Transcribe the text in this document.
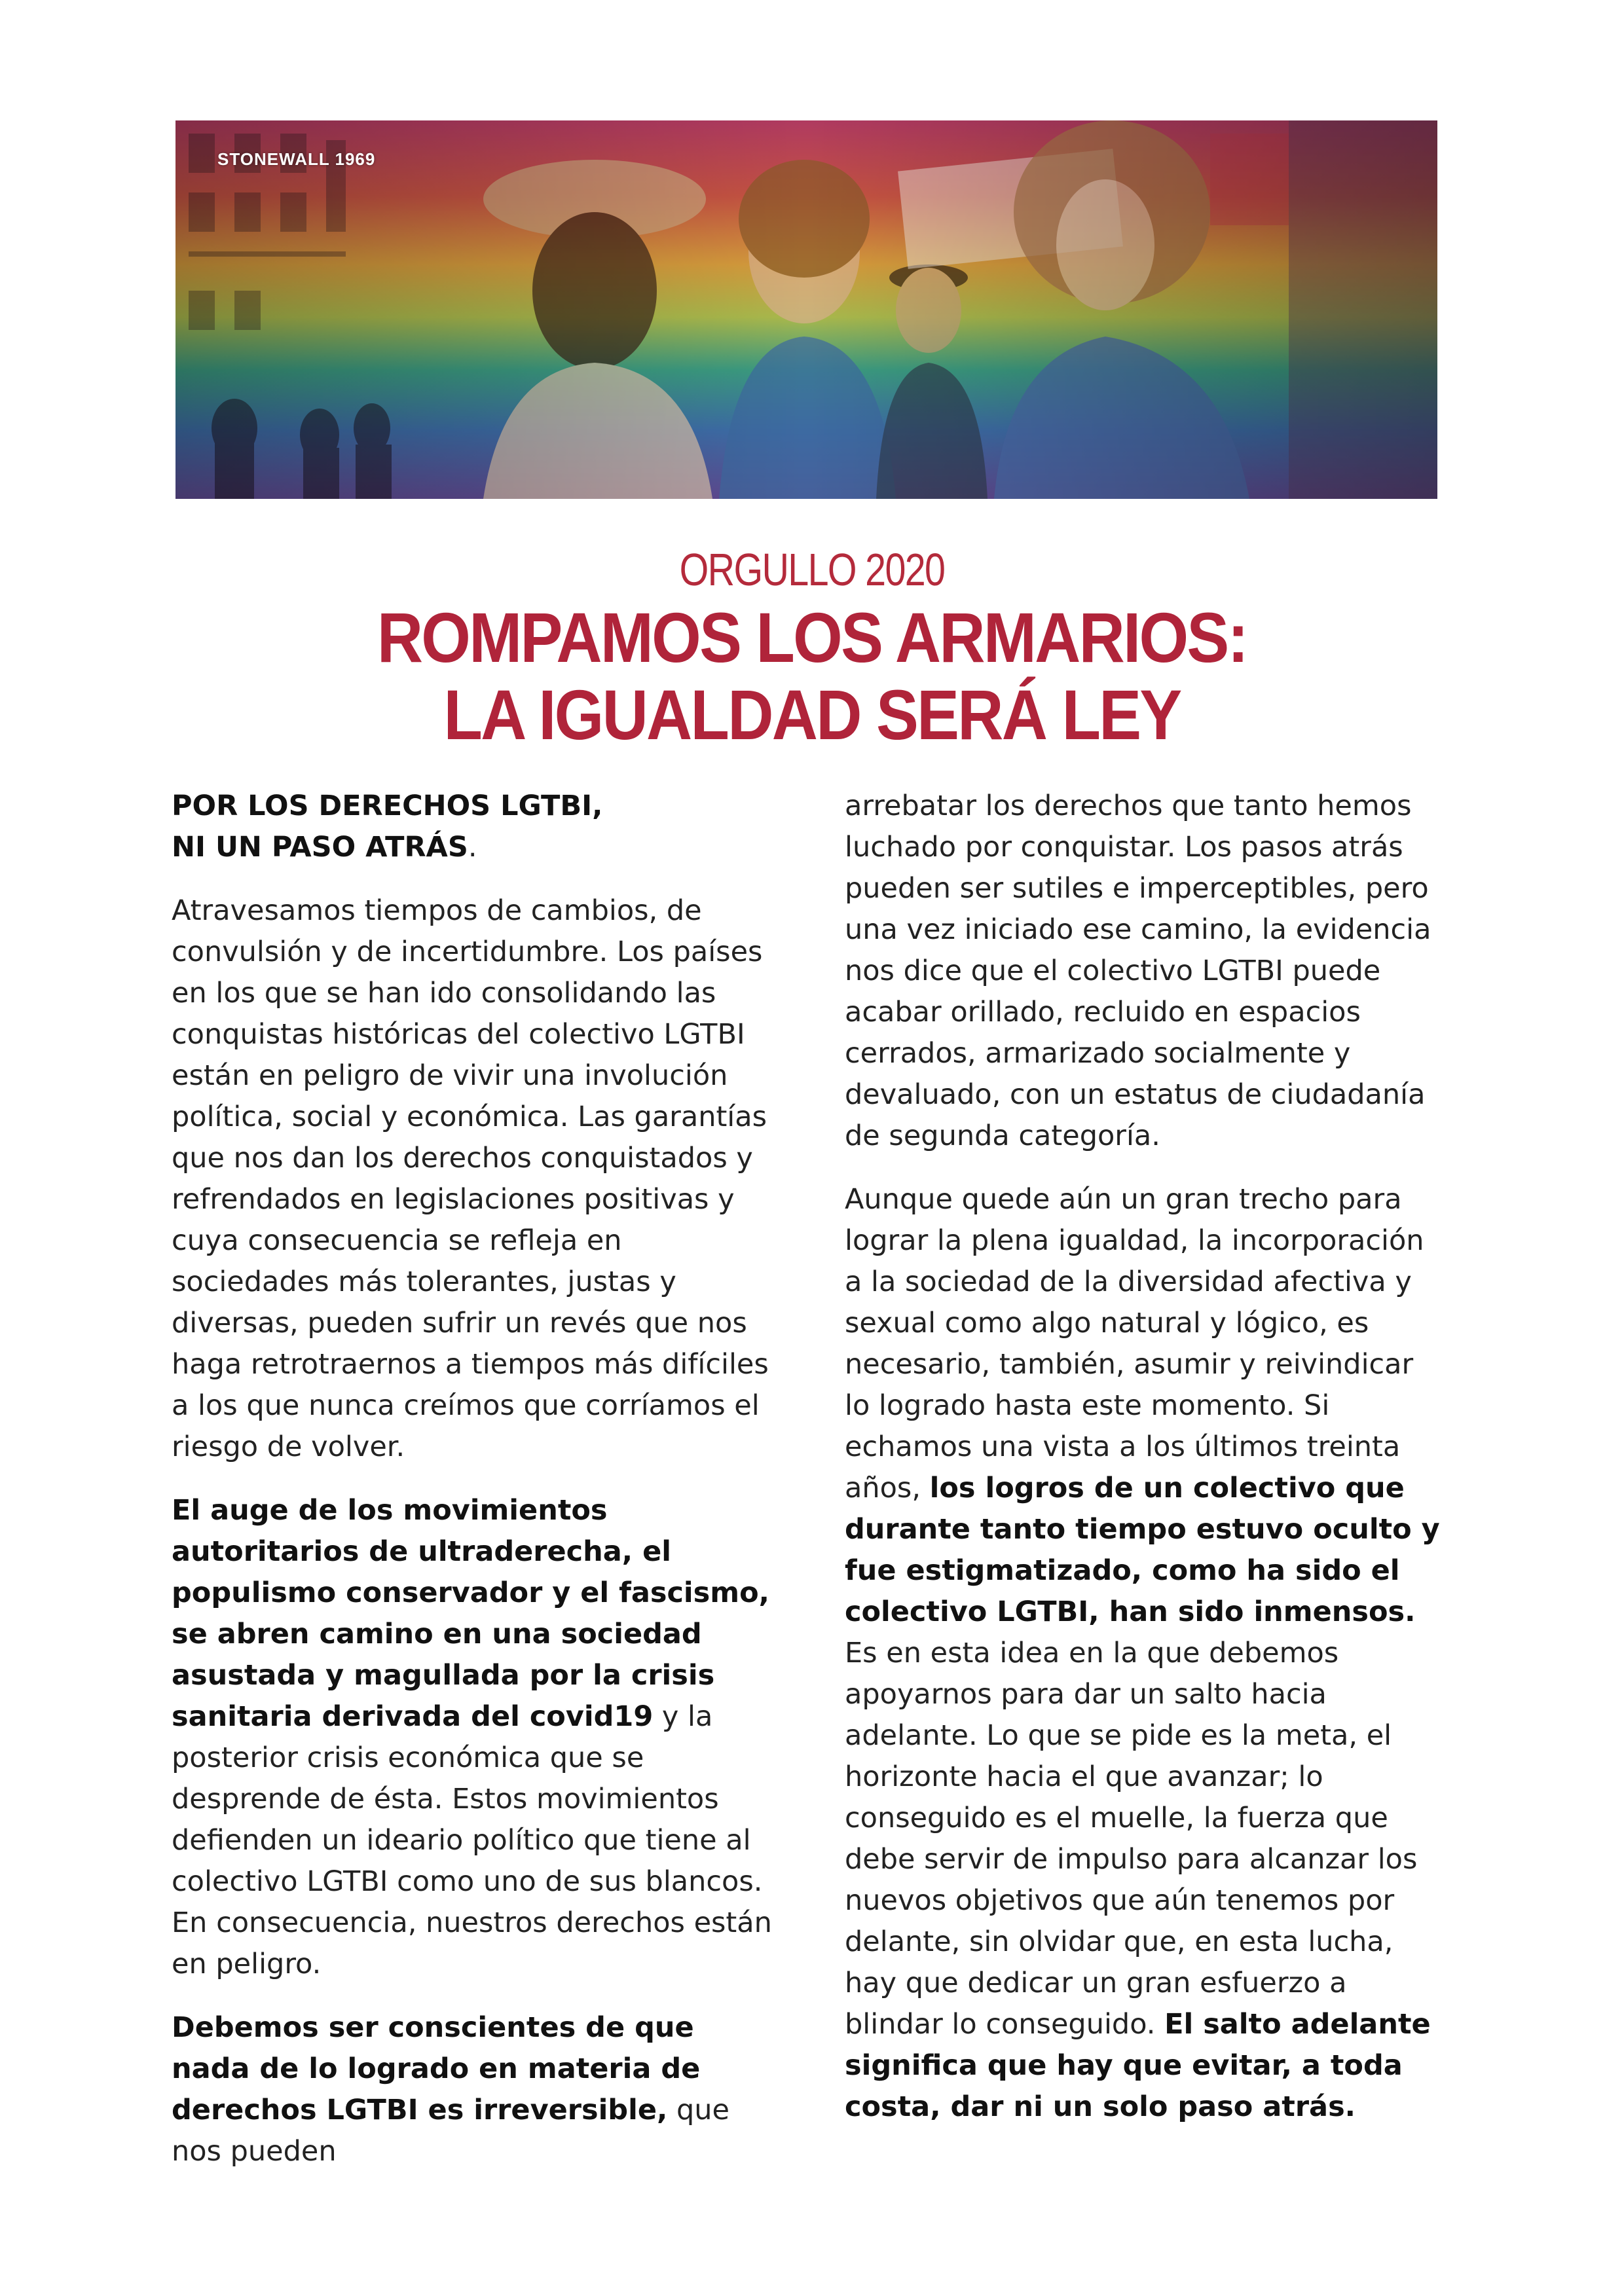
STONEWALL 1969
ORGULLO 2020
ROMPAMOS LOS ARMARIOS:
LA IGUALDAD SERÁ LEY

POR LOS DERECHOS LGTBI,
NI UN PASO ATRÁS.

Atravesamos tiempos de cambios, de convulsión y de incertidumbre. Los países en los que se han ido consolidando las conquistas históricas del colectivo LGTBI están en peligro de vivir una involución política, social y económica. Las garantías que nos dan los derechos conquistados y refrendados en legislaciones positivas y cuya consecuencia se refleja en sociedades más tolerantes, justas y diversas, pueden sufrir un revés que nos haga retrotraernos a tiempos más difíciles a los que nunca creímos que corríamos el riesgo de volver.

El auge de los movimientos autoritarios de ultraderecha, el populismo conservador y el fascismo, se abren camino en una sociedad asustada y magullada por la crisis sanitaria derivada del covid19 y la posterior crisis económica que se desprende de ésta. Estos movimientos defienden un ideario político que tiene al colectivo LGTBI como uno de sus blancos. En consecuencia, nuestros derechos están en peligro.

Debemos ser conscientes de que nada de lo logrado en materia de derechos LGTBI es irreversible, que nos pueden

arrebatar los derechos que tanto hemos luchado por conquistar. Los pasos atrás pueden ser sutiles e imperceptibles, pero una vez iniciado ese camino, la evidencia nos dice que el colectivo LGTBI puede acabar orillado, recluido en espacios cerrados, armarizado socialmente y devaluado, con un estatus de ciudadanía de segunda categoría.

Aunque quede aún un gran trecho para lograr la plena igualdad, la incorporación a la sociedad de la diversidad afectiva y sexual como algo natural y lógico, es necesario, también, asumir y reivindicar lo logrado hasta este momento. Si echamos una vista a los últimos treinta años, los logros de un colectivo que durante tanto tiempo estuvo oculto y fue estigmatizado, como ha sido el colectivo LGTBI, han sido inmensos. Es en esta idea en la que debemos apoyarnos para dar un salto hacia adelante. Lo que se pide es la meta, el horizonte hacia el que avanzar; lo conseguido es el muelle, la fuerza que debe servir de impulso para alcanzar los nuevos objetivos que aún tenemos por delante, sin olvidar que, en esta lucha, hay que dedicar un gran esfuerzo a blindar lo conseguido. El salto adelante significa que hay que evitar, a toda costa, dar ni un solo paso atrás.
